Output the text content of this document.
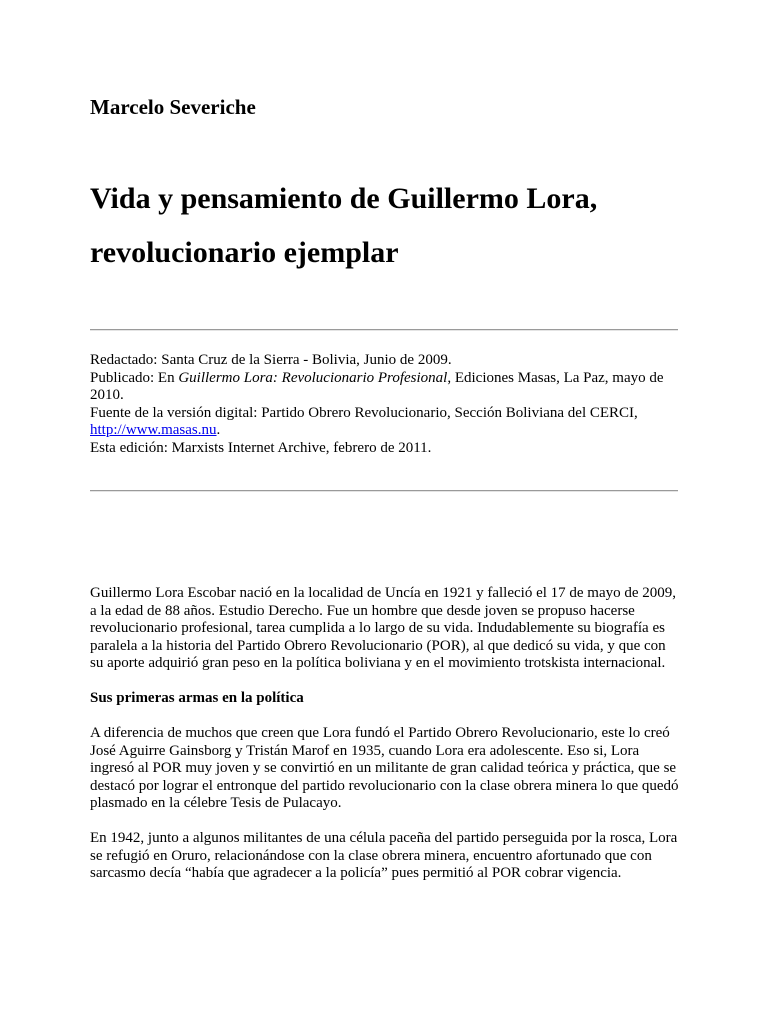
Marcelo Severiche
Vida y pensamiento de Guillermo Lora,
revolucionario ejemplar
Redactado: Santa Cruz de la Sierra - Bolivia, Junio de 2009.
Publicado: En Guillermo Lora: Revolucionario Profesional, Ediciones Masas, La Paz, mayo de 2010.
Fuente de la versión digital: Partido Obrero Revolucionario, Sección Boliviana del CERCI, http://www.masas.nu.
Esta edición: Marxists Internet Archive, febrero de 2011.

Guillermo Lora Escobar nació en la localidad de Uncía en 1921 y falleció el 17 de mayo de 2009, a la edad de 88 años. Estudio Derecho. Fue un hombre que desde joven se propuso hacerse revolucionario profesional, tarea cumplida a lo largo de su vida. Indudablemente su biografía es paralela a la historia del Partido Obrero Revolucionario (POR), al que dedicó su vida, y que con su aporte adquirió gran peso en la política boliviana y en el movimiento trotskista internacional.

Sus primeras armas en la política

A diferencia de muchos que creen que Lora fundó el Partido Obrero Revolucionario, este lo creó José Aguirre Gainsborg y Tristán Marof en 1935, cuando Lora era adolescente. Eso si, Lora ingresó al POR muy joven y se convirtió en un militante de gran calidad teórica y práctica, que se destacó por lograr el entronque del partido revolucionario con la clase obrera minera lo que quedó plasmado en la célebre Tesis de Pulacayo.

En 1942, junto a algunos militantes de una célula paceña del partido perseguida por la rosca, Lora se refugió en Oruro, relacionándose con la clase obrera minera, encuentro afortunado que con sarcasmo decía “había que agradecer a la policía” pues permitió al POR cobrar vigencia.
